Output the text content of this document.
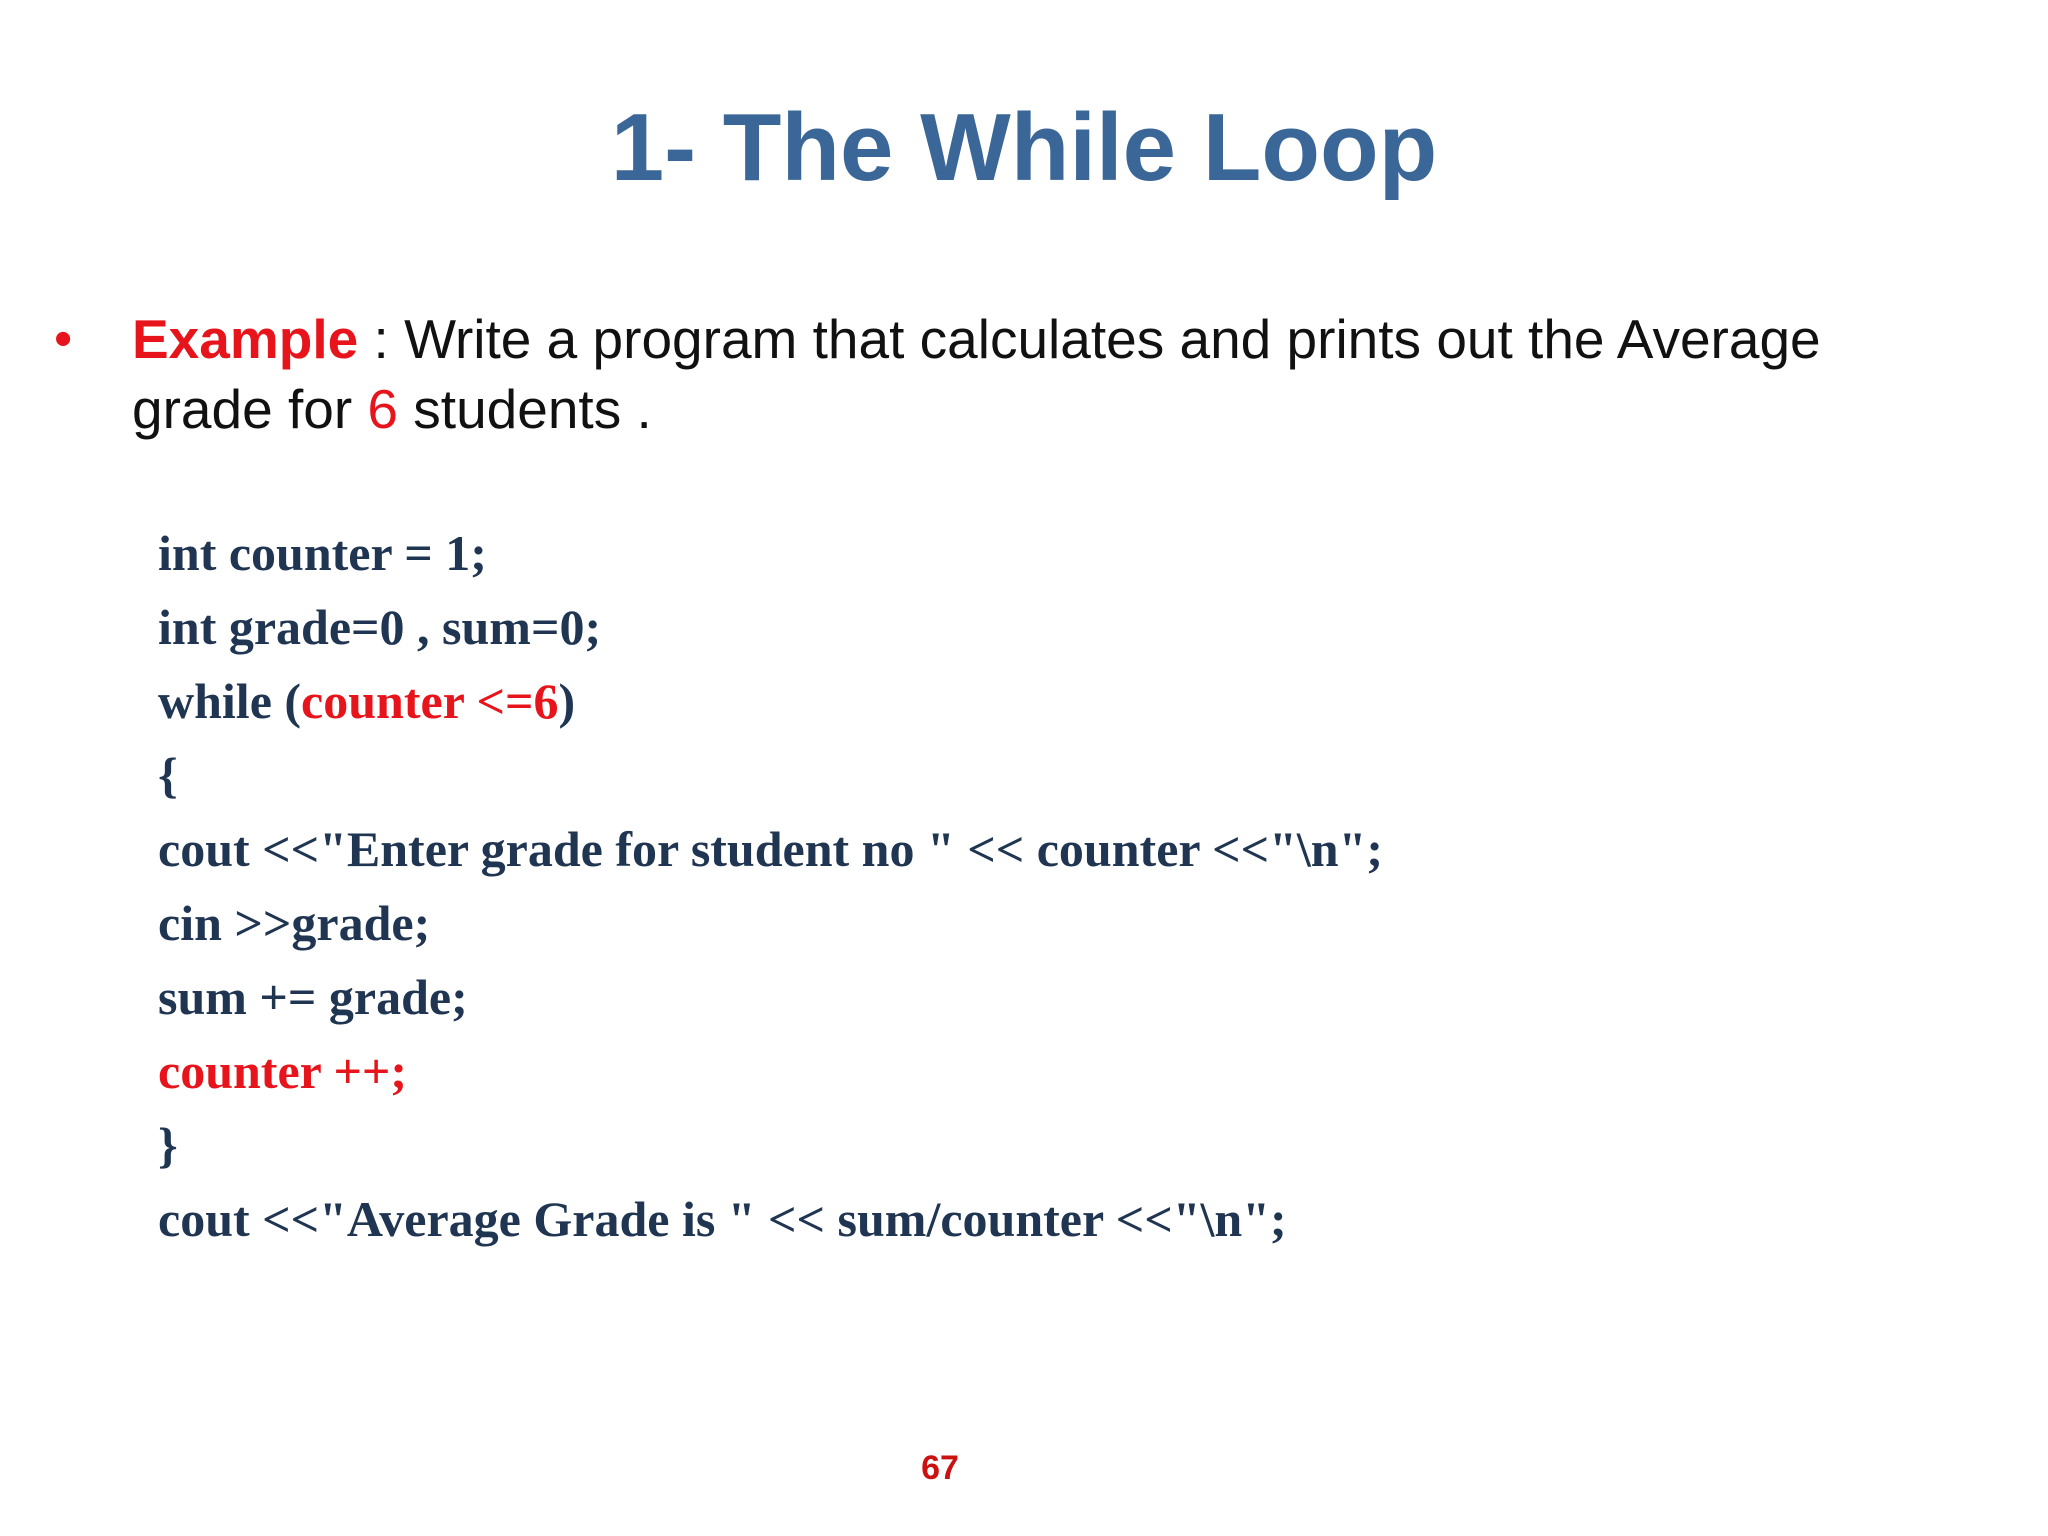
1- The While Loop
• Example : Write a program that calculates and prints out the Average
grade for 6 students .
int counter = 1;
int grade=0 , sum=0;
while (counter <=6)
{
cout <<"Enter grade for student no " << counter <<"\n";
cin >>grade;
sum += grade;
counter ++;
}
cout <<"Average Grade is " << sum/counter <<"\n";
67
